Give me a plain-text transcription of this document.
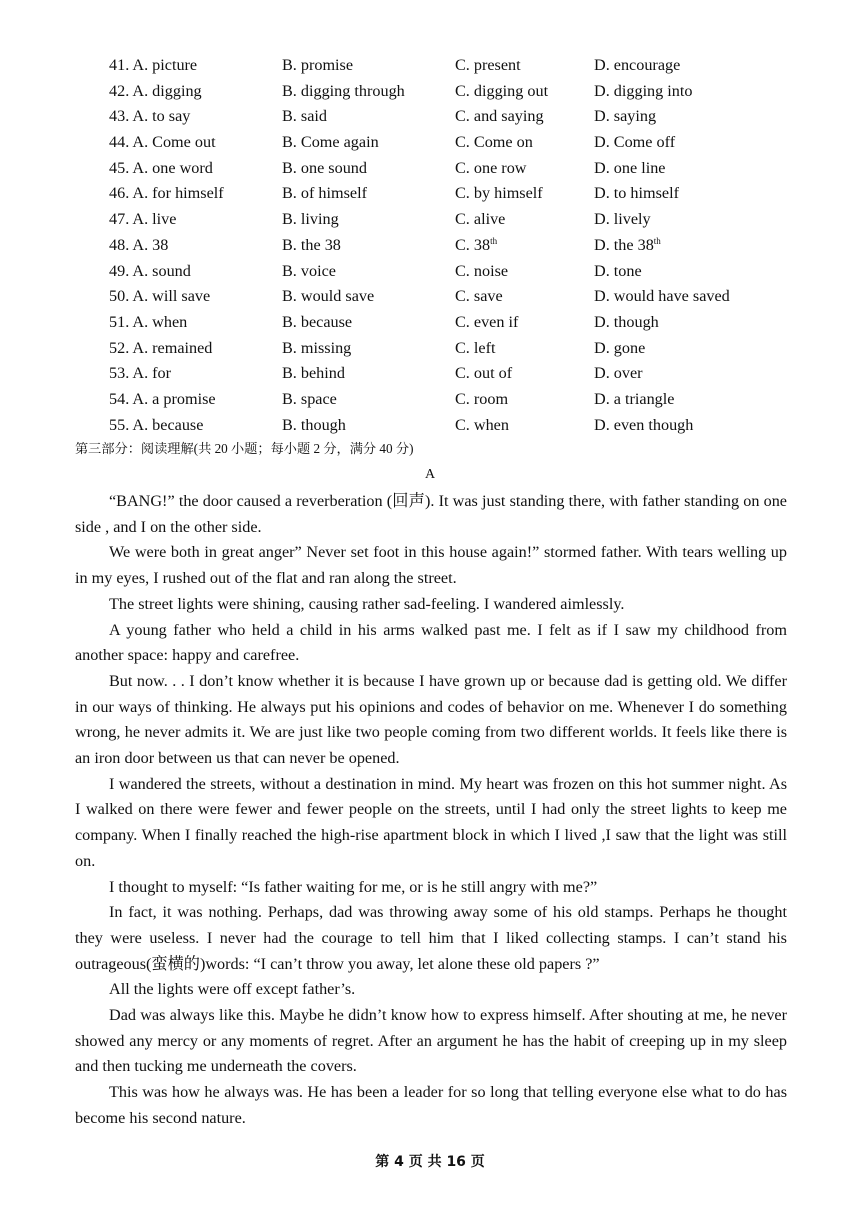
41. A. picture	B. promise	C. present	D. encourage
42. A. digging	B. digging through	C. digging out	D. digging into
43. A. to say	B. said	C. and saying	D. saying
44. A. Come out	B. Come again	C. Come on	D. Come off
45. A. one word	B. one sound	C. one row	D. one line
46. A. for himself	B. of himself	C. by himself	D. to himself
47. A. live	B. living	C. alive	D. lively
48. A. 38	B. the 38	C. 38th	D. the 38th
49. A. sound	B. voice	C. noise	D. tone
50. A. will save	B. would save	C. save	D. would have saved
51. A. when	B. because	C. even if	D. though
52. A. remained	B. missing	C. left	D. gone
53. A. for	B. behind	C. out of	D. over
54. A. a promise	B. space	C. room	D. a triangle
55. A. because	B. though	C. when	D. even though
第三部分：阅读理解(共 20 小题；每小题 2 分，满分 40 分)
A

“BANG!” the door caused a reverberation (回声). It was just standing there, with father standing on one side , and I on the other side.

We were both in great anger” Never set foot in this house again!” stormed father. With tears welling up in my eyes, I rushed out of the flat and ran along the street.

The street lights were shining, causing rather sad-feeling. I wandered aimlessly.

A young father who held a child in his arms walked past me. I felt as if I saw my childhood from another space: happy and carefree.

But now. . . I don’t know whether it is because I have grown up or because dad is getting old. We differ in our ways of thinking. He always put his opinions and codes of behavior on me. Whenever I do something wrong, he never admits it. We are just like two people coming from two different worlds. It feels like there is an iron door between us that can never be opened.

I wandered the streets, without a destination in mind. My heart was frozen on this hot summer night. As I walked on there were fewer and fewer people on the streets, until I had only the street lights to keep me company. When I finally reached the high-rise apartment block in which I lived ,I saw that the light was still on.

I thought to myself: “Is father waiting for me, or is he still angry with me?”

In fact, it was nothing. Perhaps, dad was throwing away some of his old stamps. Perhaps he thought they were useless. I never had the courage to tell him that I liked collecting stamps. I can’t stand his outrageous(蛮横的)words: “I can’t throw you away, let alone these old papers ?”

All the lights were off except father’s.

Dad was always like this. Maybe he didn’t know how to express himself. After shouting at me, he never showed any mercy or any moments of regret. After an argument he has the habit of creeping up in my sleep and then tucking me underneath the covers.

This was how he always was. He has been a leader for so long that telling everyone else what to do has become his second nature.

第 4 页 共 16 页
